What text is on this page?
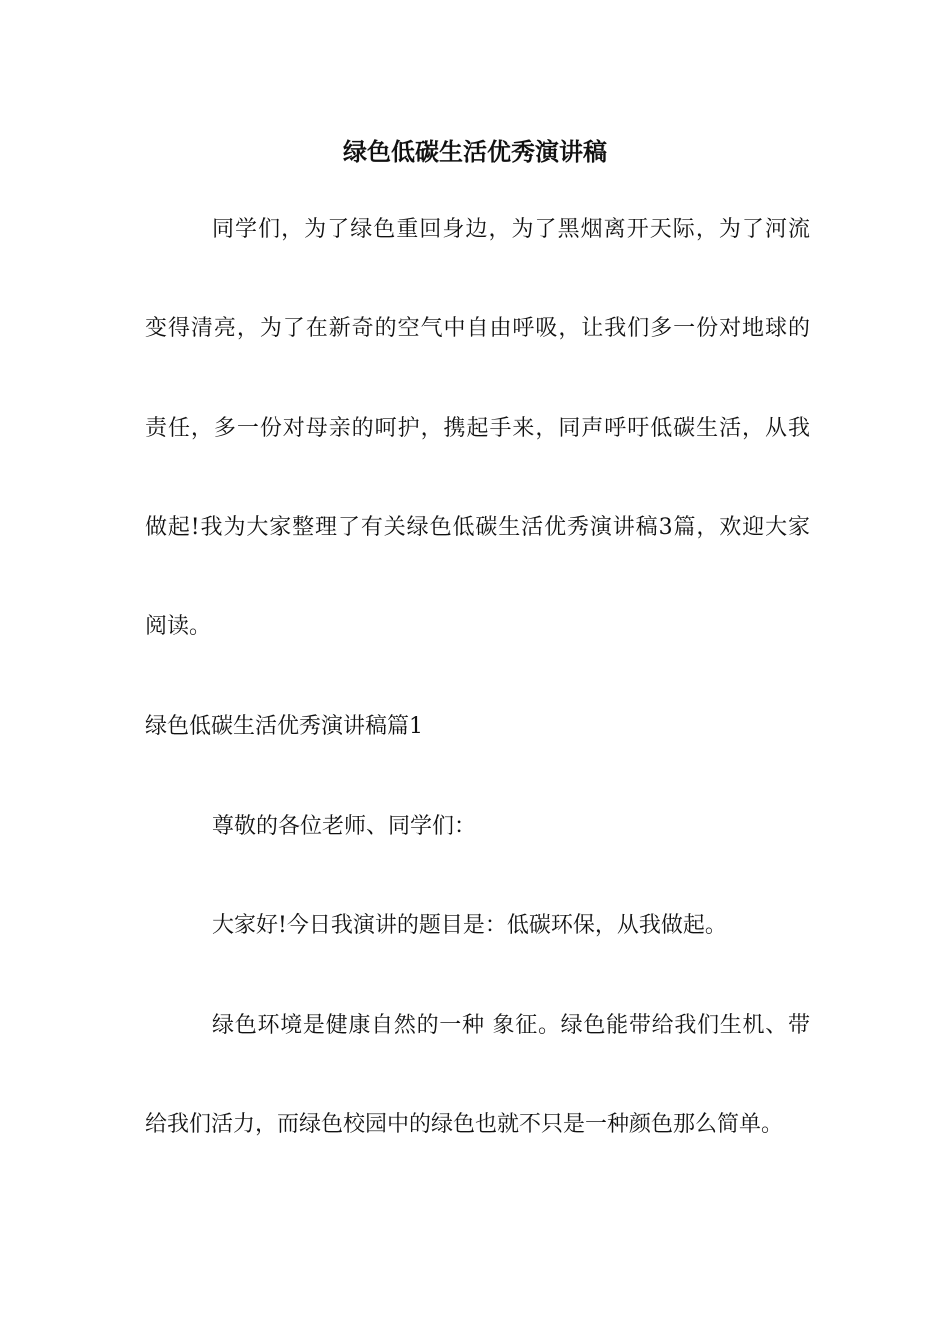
绿色低碳生活优秀演讲稿
同学们，为了绿色重回身边，为了黑烟离开天际，为了河流
变得清亮，为了在新奇的空气中自由呼吸，让我们多一份对地球的
责任，多一份对母亲的呵护，携起手来，同声呼吁低碳生活，从我
做起!我为大家整理了有关绿色低碳生活优秀演讲稿3篇，欢迎大家
阅读。
绿色低碳生活优秀演讲稿篇1
尊敬的各位老师、同学们：
大家好!今日我演讲的题目是：低碳环保，从我做起。
绿色环境是健康自然的一种 象征。绿色能带给我们生机、带
给我们活力，而绿色校园中的绿色也就不只是一种颜色那么简单。
